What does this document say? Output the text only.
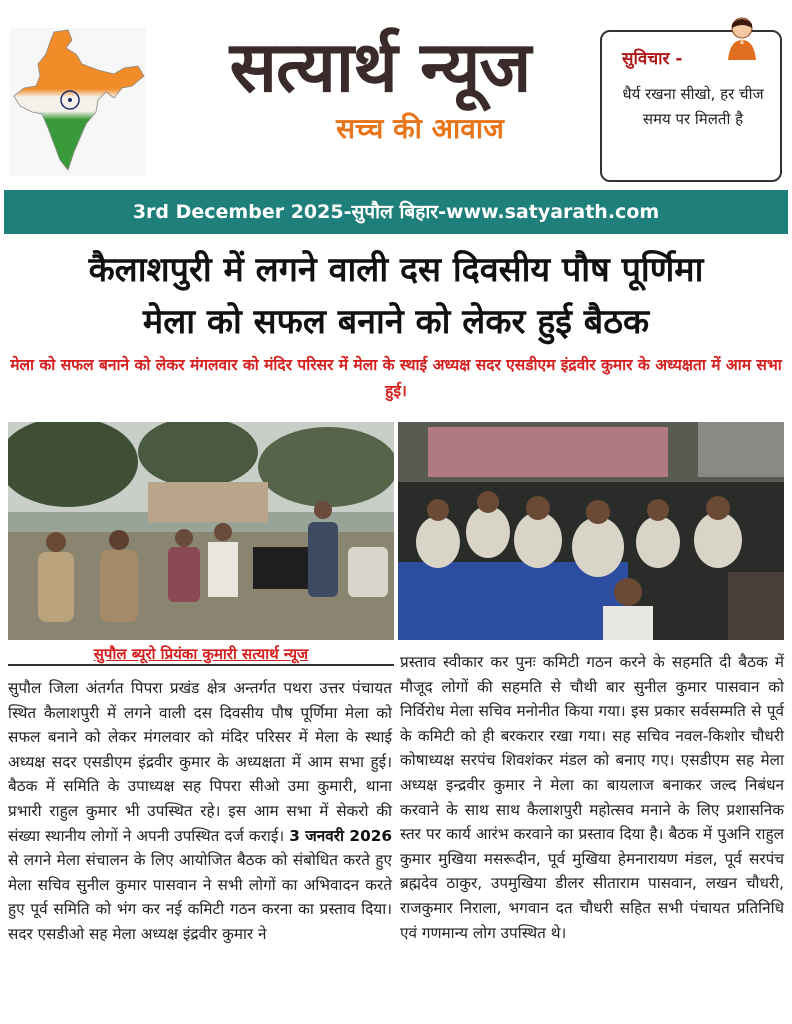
सत्यार्थ न्यूज
सच्च की आवाज
सुविचार -
धैर्य रखना सीखो, हर चीज समय पर मिलती है
3rd December 2025-सुपौल बिहार-www.satyarath.com
कैलाशपुरी में लगने वाली दस दिवसीय पौष पूर्णिमा
मेला को सफल बनाने को लेकर हुई बैठक
मेला को सफल बनाने को लेकर मंगलवार को मंदिर परिसर में मेला के स्थाई अध्यक्ष सदर एसडीएम इंद्रवीर कुमार के अध्यक्षता में आम सभा हुई।
सुपौल ब्यूरो प्रियंका कुमारी सत्यार्थ न्यूज

सुपौल जिला अंतर्गत पिपरा प्रखंड क्षेत्र अन्तर्गत पथरा उत्तर पंचायत स्थित कैलाशपुरी में लगने वाली दस दिवसीय पौष पूर्णिमा मेला को सफल बनाने को लेकर मंगलवार को मंदिर परिसर में मेला के स्थाई अध्यक्ष सदर एसडीएम इंद्रवीर कुमार के अध्यक्षता में आम सभा हुई। बैठक में समिति के उपाध्यक्ष सह पिपरा सीओ उमा कुमारी, थाना प्रभारी राहुल कुमार भी उपस्थित रहे। इस आम सभा में सेकरो की संख्या स्थानीय लोगों ने अपनी उपस्थित दर्ज कराई। 3 जनवरी 2026 से लगने मेला संचालन के लिए आयोजित बैठक को संबोधित करते हुए मेला सचिव सुनील कुमार पासवान ने सभी लोगों का अभिवादन करते हुए पूर्व समिति को भंग कर नई कमिटी गठन करना का प्रस्ताव दिया। सदर एसडीओ सह मेला अध्यक्ष इंद्रवीर कुमार ने

प्रस्ताव स्वीकार कर पुनः कमिटी गठन करने के सहमति दी बैठक में मौजूद लोगों की सहमति से चौथी बार सुनील कुमार पासवान को निर्विरोध मेला सचिव मनोनीत किया गया। इस प्रकार सर्वसम्मति से पूर्व के कमिटी को ही बरकरार रखा गया। सह सचिव नवल-किशोर चौधरी कोषाध्यक्ष सरपंच शिवशंकर मंडल को बनाए गए। एसडीएम सह मेला अध्यक्ष इन्द्रवीर कुमार ने मेला का बायलाज बनाकर जल्द निबंधन करवाने के साथ साथ कैलाशपुरी महोत्सव मनाने के लिए प्रशासनिक स्तर पर कार्य आरंभ करवाने का प्रस्ताव दिया है। बैठक में पुअनि राहुल कुमार मुखिया मसरूदीन, पूर्व मुखिया हेमनारायण मंडल, पूर्व सरपंच ब्रह्मदेव ठाकुर, उपमुखिया डीलर सीताराम पासवान, लखन चौधरी, राजकुमार निराला, भगवान दत चौधरी सहित सभी पंचायत प्रतिनिधि एवं गणमान्य लोग उपस्थित थे।
